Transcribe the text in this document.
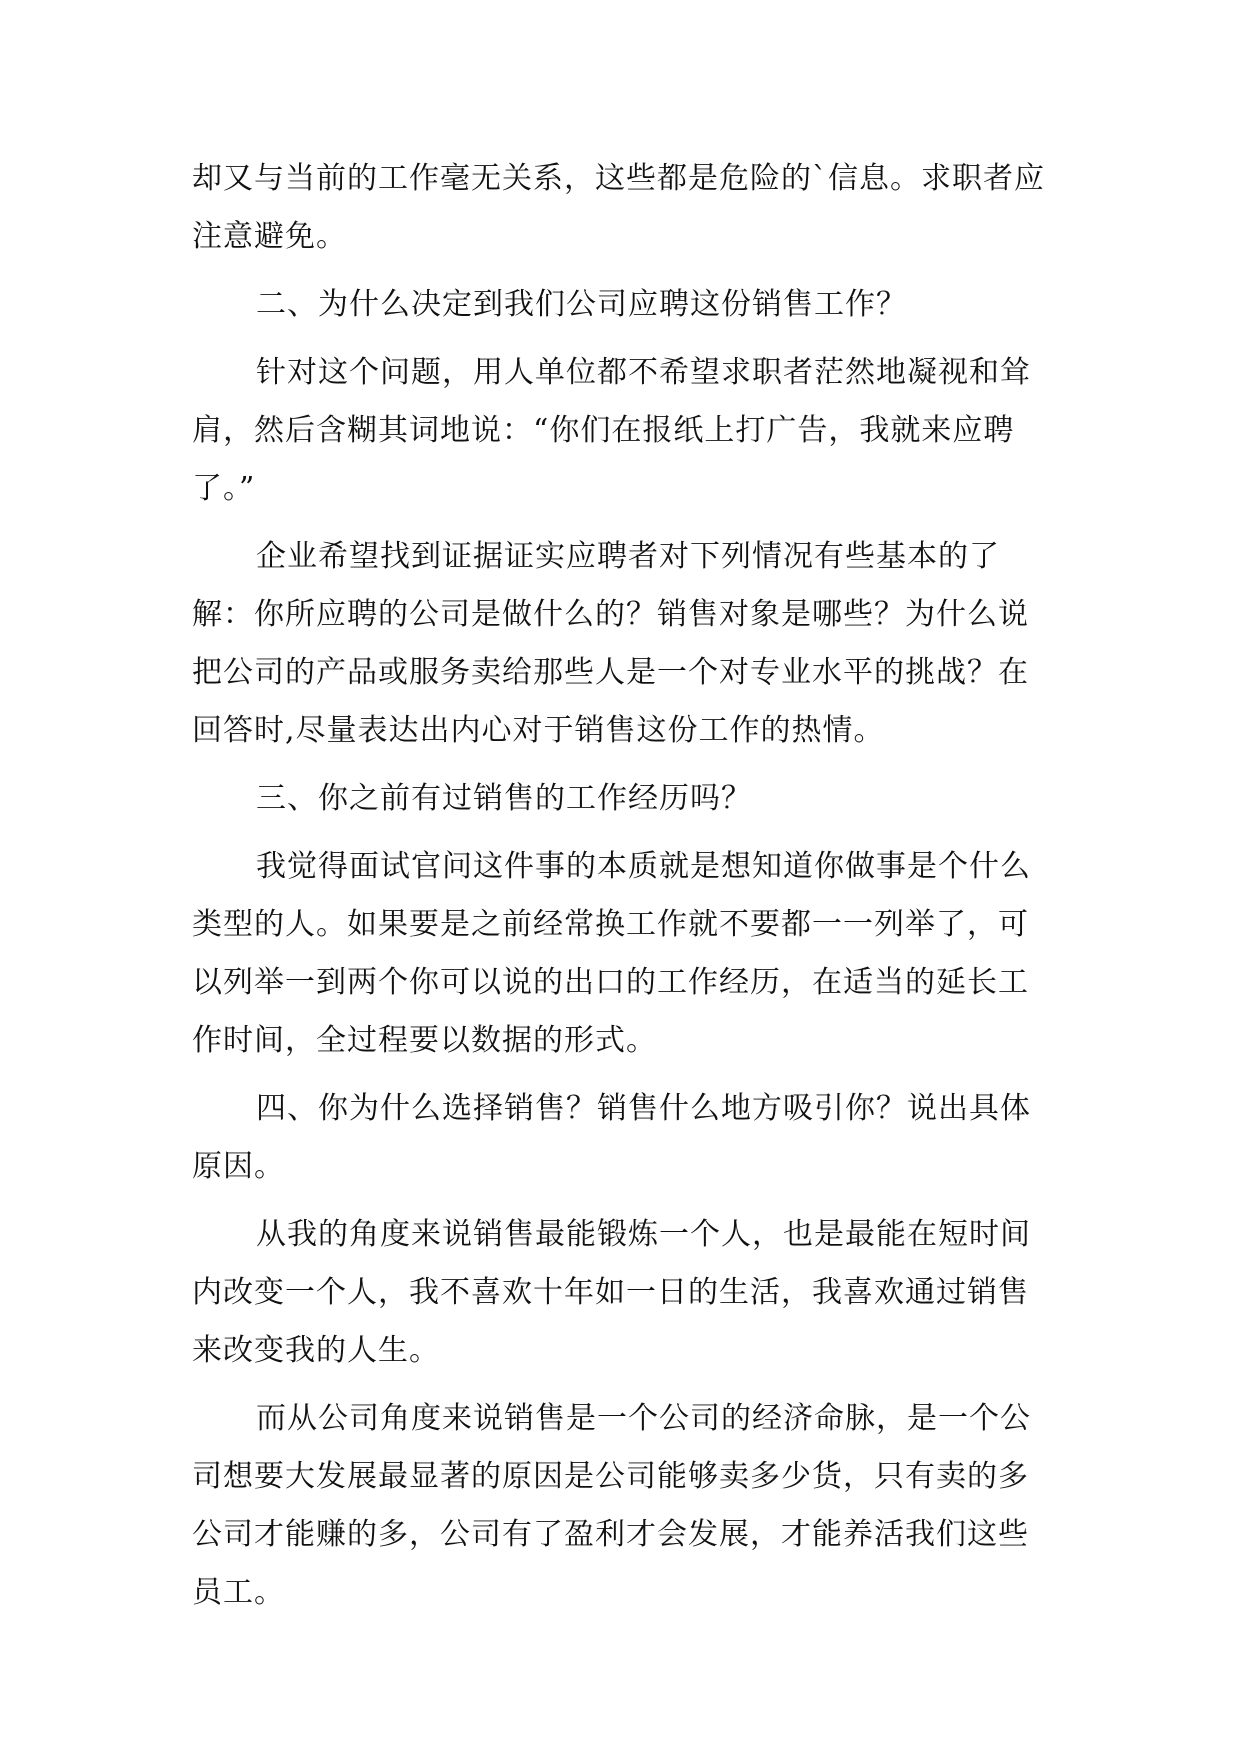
却又与当前的工作毫无关系，这些都是危险的`信息。求职者应注意避免。

二、为什么决定到我们公司应聘这份销售工作？

针对这个问题，用人单位都不希望求职者茫然地凝视和耸肩，然后含糊其词地说：“你们在报纸上打广告，我就来应聘了。”

企业希望找到证据证实应聘者对下列情况有些基本的了解：你所应聘的公司是做什么的？销售对象是哪些？为什么说把公司的产品或服务卖给那些人是一个对专业水平的挑战？在回答时,尽量表达出内心对于销售这份工作的热情。

三、你之前有过销售的工作经历吗？

我觉得面试官问这件事的本质就是想知道你做事是个什么类型的人。如果要是之前经常换工作就不要都一一列举了，可以列举一到两个你可以说的出口的工作经历，在适当的延长工作时间，全过程要以数据的形式。

四、你为什么选择销售？销售什么地方吸引你？说出具体原因。

从我的角度来说销售最能锻炼一个人，也是最能在短时间内改变一个人，我不喜欢十年如一日的生活，我喜欢通过销售来改变我的人生。

而从公司角度来说销售是一个公司的经济命脉，是一个公司想要大发展最显著的原因是公司能够卖多少货，只有卖的多公司才能赚的多，公司有了盈利才会发展，才能养活我们这些员工。
